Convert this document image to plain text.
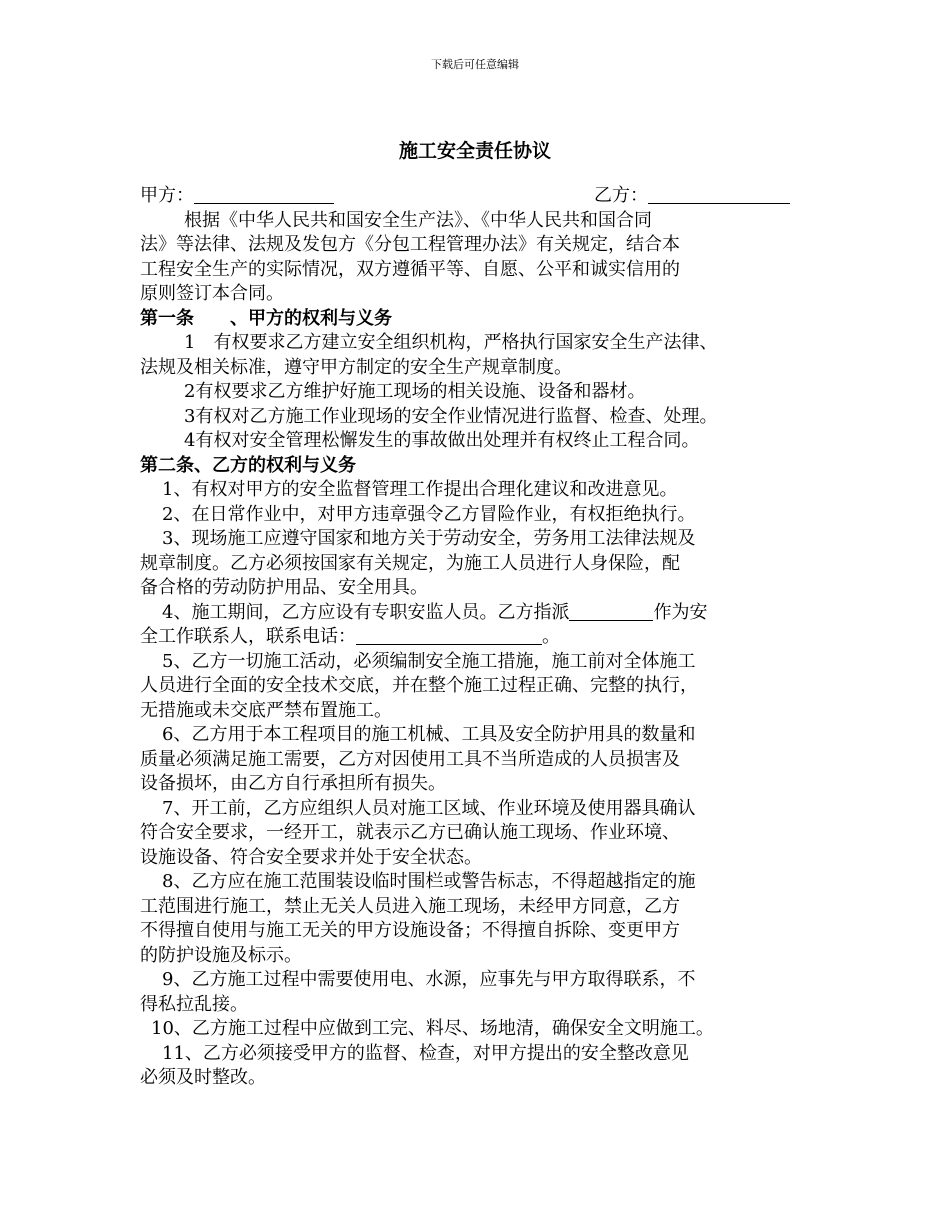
下载后可任意编辑
施工安全责任协议
甲方：	乙方：
根据《中华人民共和国安全生产法》、《中华人民共和国合同
法》等法律、法规及发包方《分包工程管理办法》有关规定，结合本
工程安全生产的实际情况，双方遵循平等、自愿、公平和诚实信用的
原则签订本合同。
第一条　　、甲方的权利与义务
1　有权要求乙方建立安全组织机构，严格执行国家安全生产法律、
法规及相关标准，遵守甲方制定的安全生产规章制度。
2有权要求乙方维护好施工现场的相关设施、设备和器材。
3有权对乙方施工作业现场的安全作业情况进行监督、检查、处理。
4有权对安全管理松懈发生的事故做出处理并有权终止工程合同。
第二条、乙方的权利与义务
1、有权对甲方的安全监督管理工作提出合理化建议和改进意见。
2、在日常作业中，对甲方违章强令乙方冒险作业，有权拒绝执行。
3、现场施工应遵守国家和地方关于劳动安全，劳务用工法律法规及
规章制度。乙方必须按国家有关规定，为施工人员进行人身保险，配
备合格的劳动防护用品、安全用具。
4、施工期间，乙方应设有专职安监人员。乙方指派	作为安
全工作联系人，联系电话：	。
5、乙方一切施工活动，必须编制安全施工措施，施工前对全体施工
人员进行全面的安全技术交底，并在整个施工过程正确、完整的执行，
无措施或未交底严禁布置施工。
6、乙方用于本工程项目的施工机械、工具及安全防护用具的数量和
质量必须满足施工需要，乙方对因使用工具不当所造成的人员损害及
设备损坏，由乙方自行承担所有损失。
7、开工前，乙方应组织人员对施工区域、作业环境及使用器具确认
符合安全要求，一经开工，就表示乙方已确认施工现场、作业环境、
设施设备、符合安全要求并处于安全状态。
8、乙方应在施工范围装设临时围栏或警告标志，不得超越指定的施
工范围进行施工，禁止无关人员进入施工现场，未经甲方同意，乙方
不得擅自使用与施工无关的甲方设施设备；不得擅自拆除、变更甲方
的防护设施及标示。
9、乙方施工过程中需要使用电、水源，应事先与甲方取得联系，不
得私拉乱接。
10、乙方施工过程中应做到工完、料尽、场地清，确保安全文明施工。
11、乙方必须接受甲方的监督、检查，对甲方提出的安全整改意见
必须及时整改。
